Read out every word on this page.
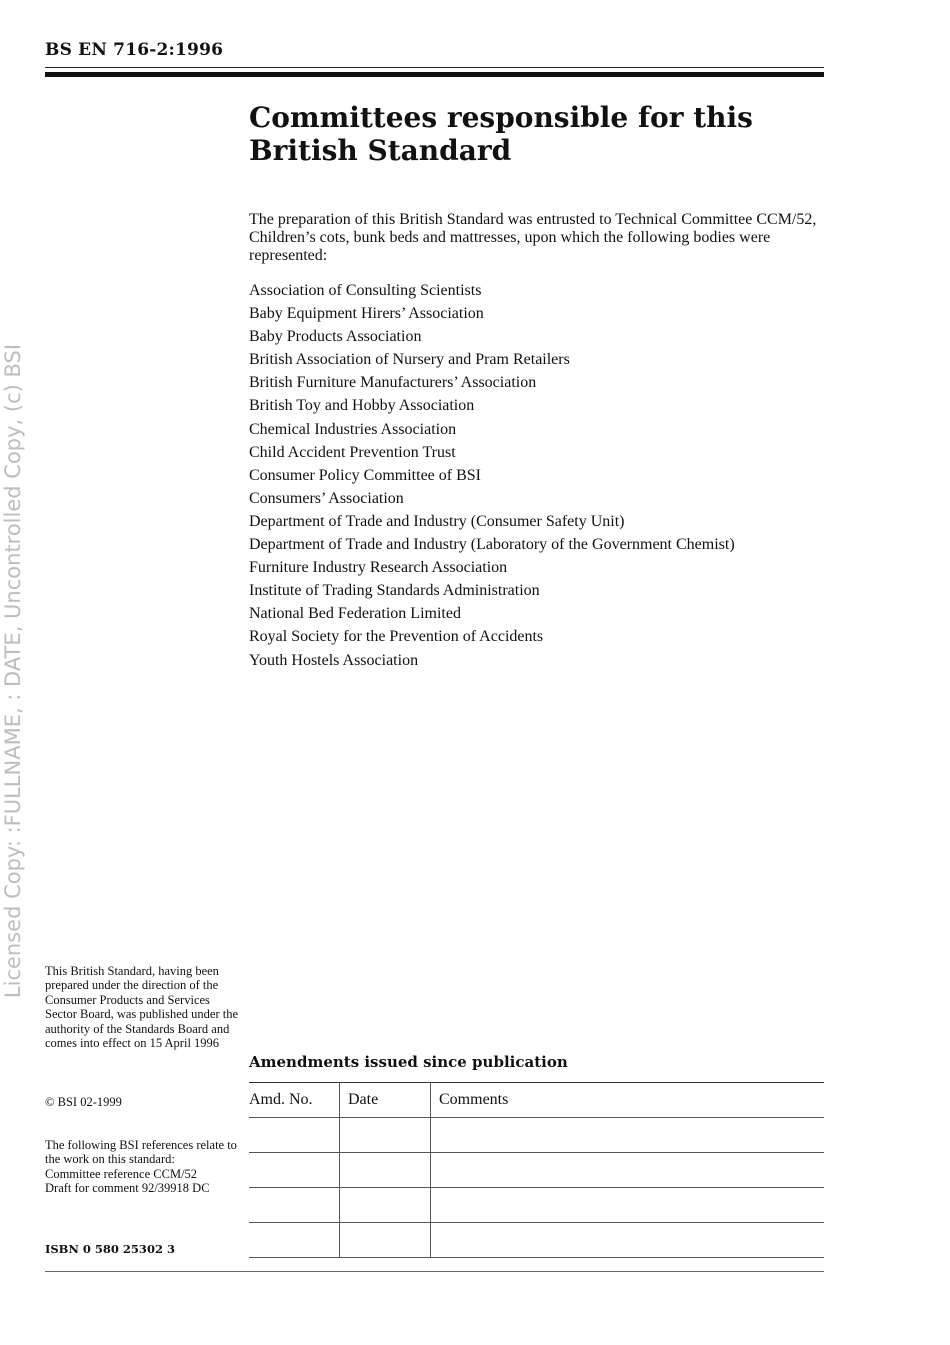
BS EN 716-2:1996
Committees responsible for this
British Standard

The preparation of this British Standard was entrusted to Technical Committee CCM/52, Children’s cots, bunk beds and mattresses, upon which the following bodies were represented:

Association of Consulting Scientists
Baby Equipment Hirers’ Association
Baby Products Association
British Association of Nursery and Pram Retailers
British Furniture Manufacturers’ Association
British Toy and Hobby Association
Chemical Industries Association
Child Accident Prevention Trust
Consumer Policy Committee of BSI
Consumers’ Association
Department of Trade and Industry (Consumer Safety Unit)
Department of Trade and Industry (Laboratory of the Government Chemist)
Furniture Industry Research Association
Institute of Trading Standards Administration
National Bed Federation Limited
Royal Society for the Prevention of Accidents
Youth Hostels Association
Licensed Copy: :FULLNAME, : DATE, Uncontrolled Copy, (c) BSI This British Standard, having been prepared under the direction of the Consumer Products and Services Sector Board, was published under the authority of the Standards Board and comes into effect on 15 April 1996

© BSI 02-1999

The following BSI references relate to the work on this standard:
Committee reference CCM/52
Draft for comment 92/39918 DC

ISBN 0 580 25302 3

Amendments issued since publication
Amd. No.	Date	Comments
